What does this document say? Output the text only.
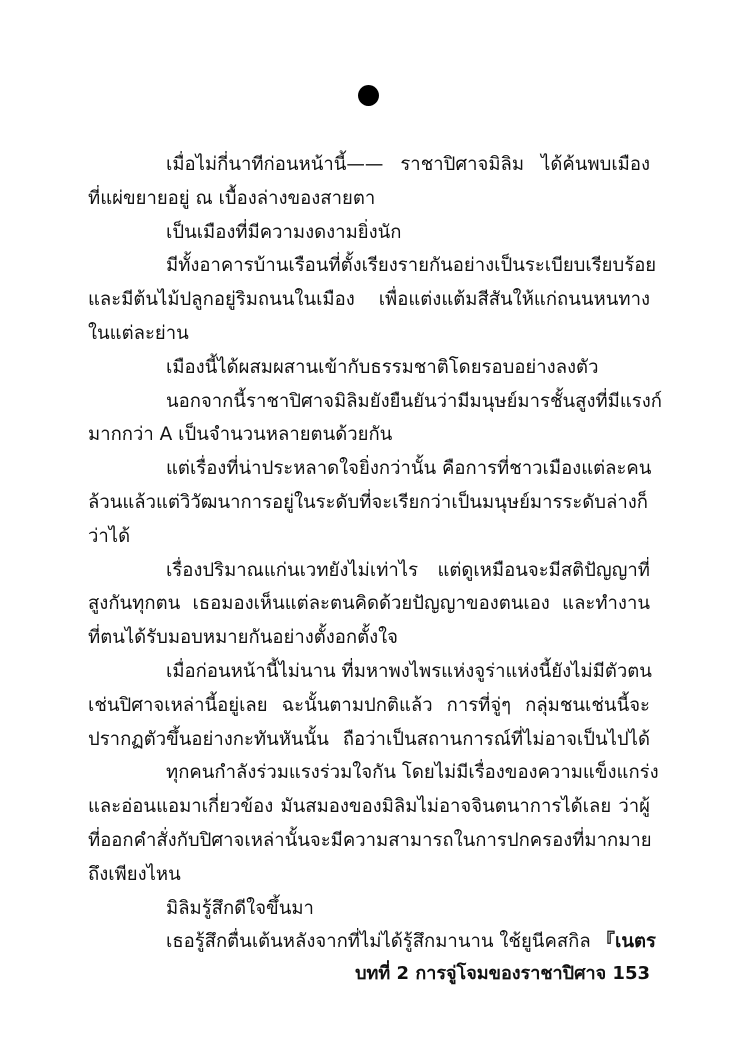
เมื่อไม่กี่นาทีก่อนหน้านี้—— ราชาปิศาจมิลิม ได้ค้นพบเมือง
ที่แผ่ขยายอยู่ ณ เบื้องล่างของสายตา
เป็นเมืองที่มีความงดงามยิ่งนัก
มีทั้งอาคารบ้านเรือนที่ตั้งเรียงรายกันอย่างเป็นระเบียบเรียบร้อย
และมีต้นไม้ปลูกอยู่ริมถนนในเมือง เพื่อแต่งแต้มสีสันให้แก่ถนนหนทาง
ในแต่ละย่าน
เมืองนี้ได้ผสมผสานเข้ากับธรรมชาติโดยรอบอย่างลงตัว
นอกจากนี้ราชาปิศาจมิลิมยังยืนยันว่ามีมนุษย์มารชั้นสูงที่มีแรงก์
มากกว่า A เป็นจำนวนหลายตนด้วยกัน
แต่เรื่องที่น่าประหลาดใจยิ่งกว่านั้น คือการที่ชาวเมืองแต่ละคน
ล้วนแล้วแต่วิวัฒนาการอยู่ในระดับที่จะเรียกว่าเป็นมนุษย์มารระดับล่างก็
ว่าได้
เรื่องปริมาณแก่นเวทยังไม่เท่าไร แต่ดูเหมือนจะมีสติปัญญาที่
สูงกันทุกตน เธอมองเห็นแต่ละตนคิดด้วยปัญญาของตนเอง และทำงาน
ที่ตนได้รับมอบหมายกันอย่างตั้งอกตั้งใจ
เมื่อก่อนหน้านี้ไม่นาน ที่มหาพงไพรแห่งจูร่าแห่งนี้ยังไม่มีตัวตน
เช่นปิศาจเหล่านี้อยู่เลย ฉะนั้นตามปกติแล้ว การที่จู่ๆ กลุ่มชนเช่นนี้จะ
ปรากฏตัวขึ้นอย่างกะทันหันนั้น ถือว่าเป็นสถานการณ์ที่ไม่อาจเป็นไปได้
ทุกคนกำลังร่วมแรงร่วมใจกัน โดยไม่มีเรื่องของความแข็งแกร่ง
และอ่อนแอมาเกี่ยวข้อง มันสมองของมิลิมไม่อาจจินตนาการได้เลย ว่าผู้
ที่ออกคำสั่งกับปิศาจเหล่านั้นจะมีความสามารถในการปกครองที่มากมาย
ถึงเพียงไหน
มิลิมรู้สึกดีใจขึ้นมา
เธอรู้สึกตื่นเต้นหลังจากที่ไม่ได้รู้สึกมานาน ใช้ยูนีคสกิล 『เนตร
บทที่ 2 การจู่โจมของราชาปิศาจ 153
